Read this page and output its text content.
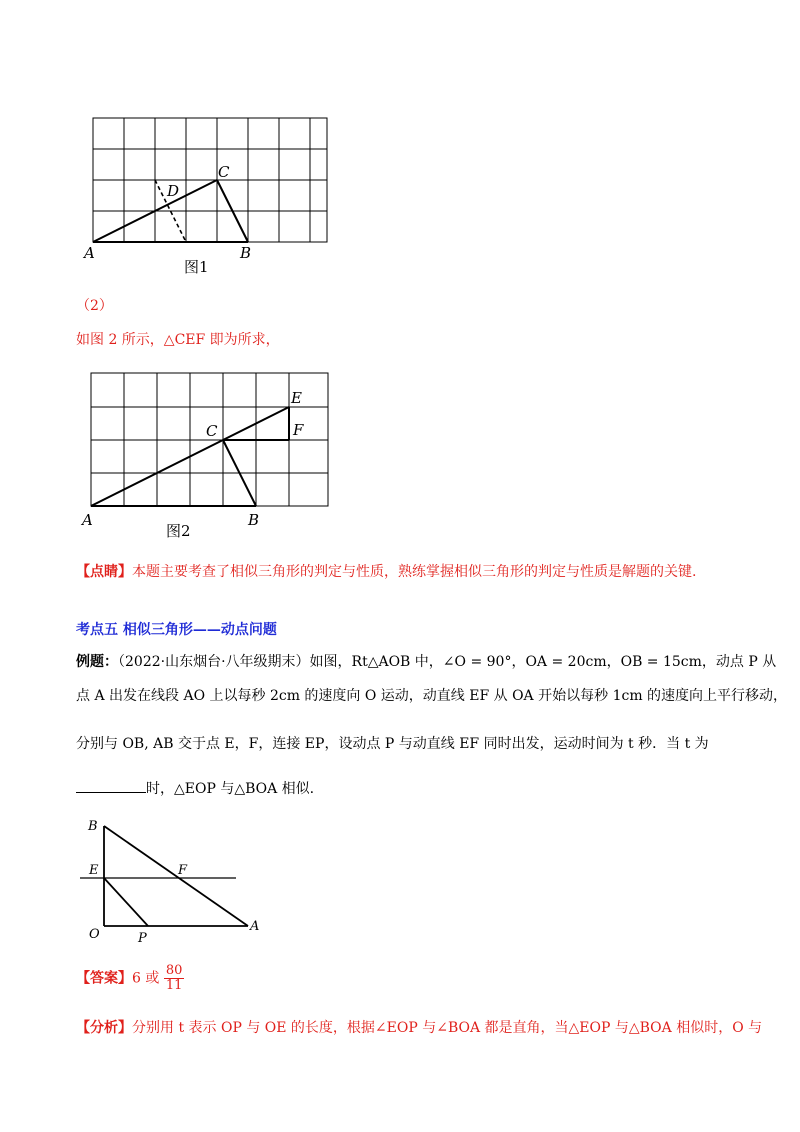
A	B
C
D
图1
（2）
如图 2 所示，△CEF 即为所求，
A	B
C
E
F
图2
【点睛】本题主要考查了相似三角形的判定与性质，熟练掌握相似三角形的判定与性质是解题的关键.
考点五 相似三角形——动点问题
例题：（2022·山东烟台·八年级期末）如图，Rt△AOB 中，∠O = 90°，OA = 20cm，OB = 15cm，动点 P 从
点 A 出发在线段 AO 上以每秒 2cm 的速度向 O 运动，动直线 EF 从 OA 开始以每秒 1cm 的速度向上平行移动，
分别与 OB, AB 交于点 E，F，连接 EP，设动点 P 与动直线 EF 同时出发，运动时间为 t 秒．当 t 为
时，△EOP 与△BOA 相似.
B
E	F
O	P
A
【答案】6 或 $\frac{80}{11}$
【分析】分别用 t 表示 OP 与 OE 的长度，根据∠EOP 与∠BOA 都是直角，当△EOP 与△BOA 相似时，O 与
